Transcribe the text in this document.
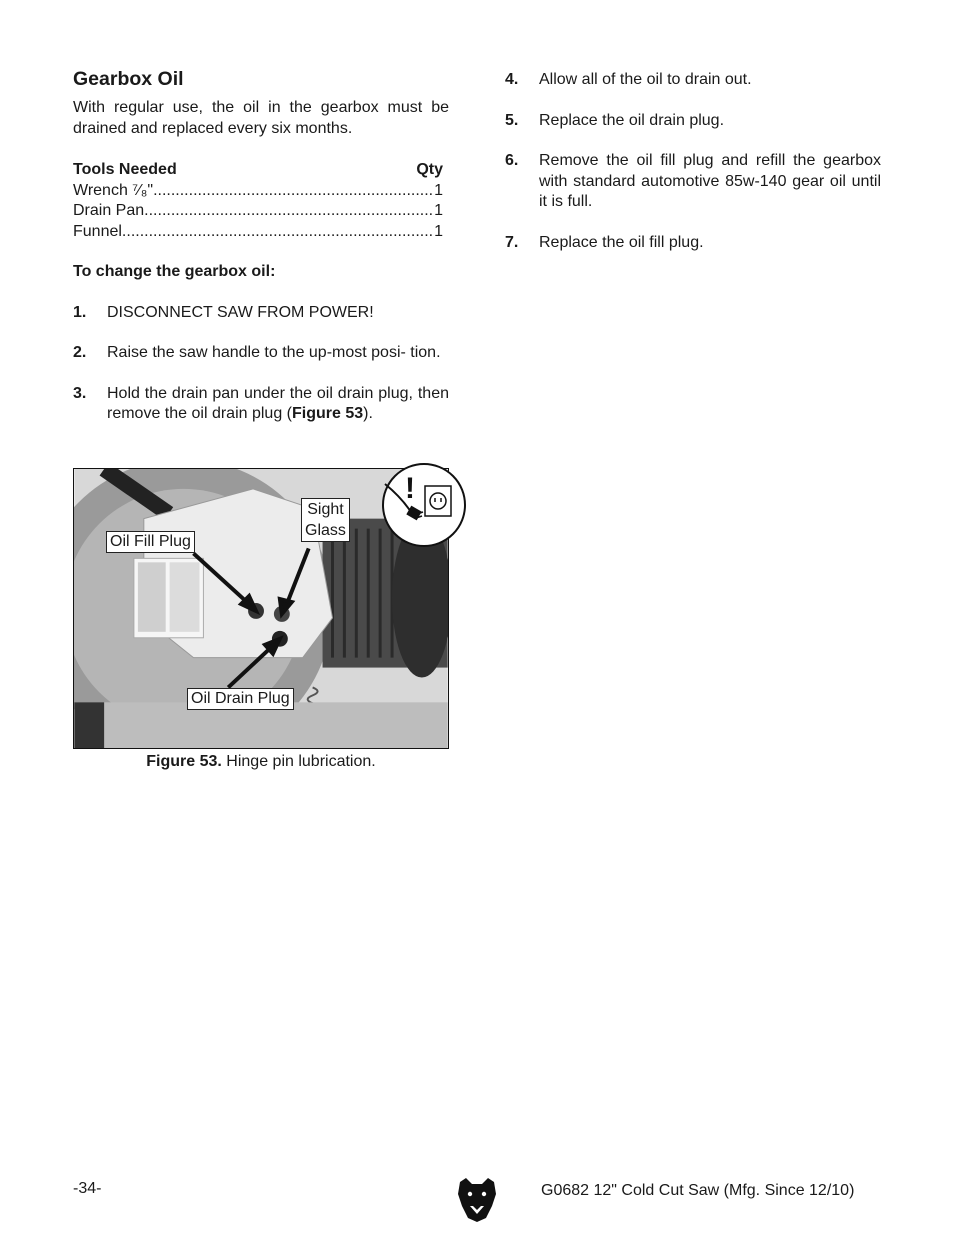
Gearbox Oil

With regular use, the oil in the gearbox must be drained and replaced every six months.

Tools Needed	Qty
Wrench ⁷⁄₈" .....	1
Drain Pan .....	1
Funnel .....	1

To change the gearbox oil:

1.	DISCONNECT SAW FROM POWER!
2.	Raise the saw handle to the up-most posi- tion.
3.	Hold the drain pan under the oil drain plug, then remove the oil drain plug (Figure 53).
Sight
Glass
Oil Fill Plug
Oil Drain Plug
!
Figure 53. Hinge pin lubrication.
4.	Allow all of the oil to drain out.
5.	Replace the oil drain plug.
6.	Remove the oil fill plug and refill the gearbox with standard automotive 85w-140 gear oil until it is full.
7.	Replace the oil fill plug.
-34-	G0682 12" Cold Cut Saw (Mfg. Since 12/10)
